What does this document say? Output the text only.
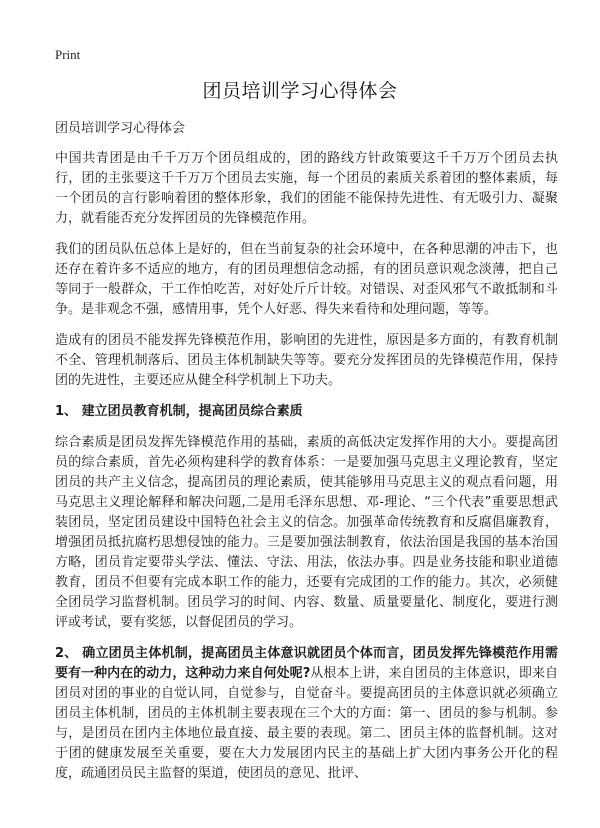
Print
团员培训学习心得体会

团员培训学习心得体会

中国共青团是由千千万万个团员组成的，团的路线方针政策要这千千万万个团员去执行，团的主张要这千千万万个团员去实施，每一个团员的素质关系着团的整体素质，每一个团员的言行影响着团的整体形象，我们的团能不能保持先进性、有无吸引力、凝聚力，就看能否充分发挥团员的先锋模范作用。

我们的团员队伍总体上是好的，但在当前复杂的社会环境中，在各种思潮的冲击下，也还存在着许多不适应的地方，有的团员理想信念动摇，有的团员意识观念淡薄，把自己等同于一般群众，干工作怕吃苦，对好处斤斤计较。对错误、对歪风邪气不敢抵制和斗争。是非观念不强，感情用事，凭个人好恶、得失来看待和处理问题，等等。

造成有的团员不能发挥先锋模范作用，影响团的先进性，原因是多方面的，有教育机制不全、管理机制落后、团员主体机制缺失等等。要充分发挥团员的先锋模范作用，保持团的先进性，主要还应从健全科学机制上下功夫。

1、 建立团员教育机制，提高团员综合素质

综合素质是团员发挥先锋模范作用的基础，素质的高低决定发挥作用的大小。要提高团员的综合素质，首先必须构建科学的教育体系：一是要加强马克思主义理论教育，坚定团员的共产主义信念，提高团员的理论素质，使其能够用马克思主义的观点看问题，用马克思主义理论解释和解决问题,二是用毛泽东思想、邓-理论、“三个代表”重要思想武装团员，坚定团员建设中国特色社会主义的信念。加强革命传统教育和反腐倡廉教育，增强团员抵抗腐朽思想侵蚀的能力。三是要加强法制教育，依法治国是我国的基本治国方略，团员肯定要带头学法、懂法、守法、用法，依法办事。四是业务技能和职业道德教育，团员不但要有完成本职工作的能力，还要有完成团的工作的能力。其次，必须健全团员学习监督机制。团员学习的时间、内容、数量、质量要量化、制度化，要进行测评或考试，要有奖惩，以督促团员的学习。

2、 确立团员主体机制，提高团员主体意识就团员个体而言，团员发挥先锋模范作用需要有一种内在的动力，这种动力来自何处呢?从根本上讲，来自团员的主体意识，即来自团员对团的事业的自觉认同，自觉参与，自觉奋斗。要提高团员的主体意识就必须确立团员主体机制，团员的主体机制主要表现在三个大的方面：第一、团员的参与机制。参与，是团员在团内主体地位最直接、最主要的表现。第二、团员主体的监督机制。这对于团的健康发展至关重要，要在大力发展团内民主的基础上扩大团内事务公开化的程度，疏通团员民主监督的渠道，使团员的意见、批评、
